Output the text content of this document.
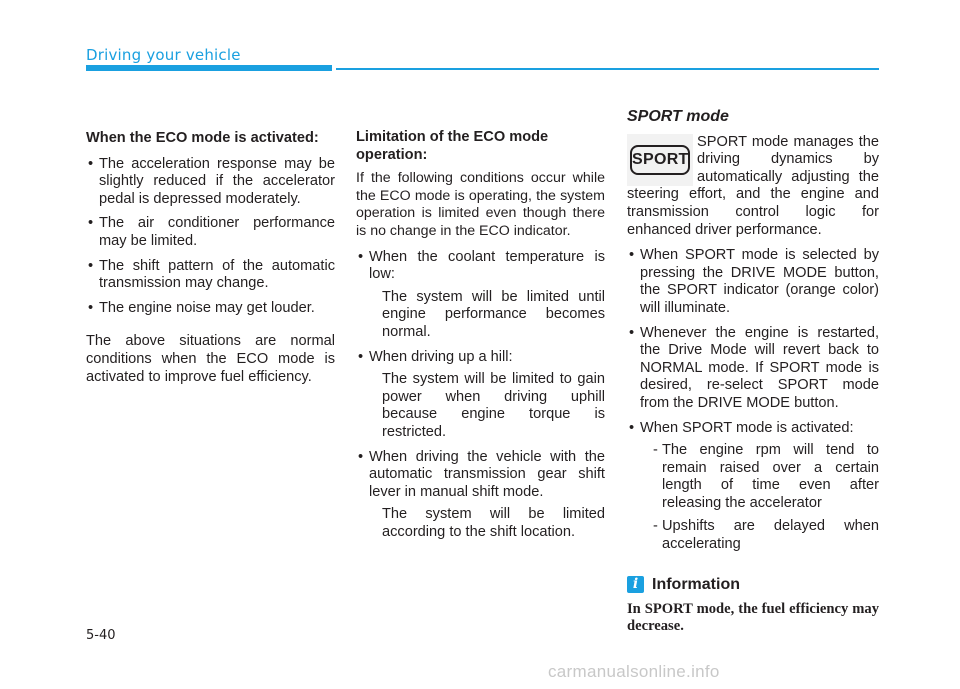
Driving your vehicle

When the ECO mode is activated:

• The acceleration response may be slightly reduced if the accelerator pedal is depressed moderately.
• The air conditioner performance may be limited.
• The shift pattern of the automatic transmission may change.
• The engine noise may get louder.

The above situations are normal conditions when the ECO mode is activated to improve fuel efficiency.

Limitation of the ECO mode operation:

If the following conditions occur while the ECO mode is operating, the system operation is limited even though there is no change in the ECO indicator.

• When the coolant temperature is low:

The system will be limited until engine performance becomes normal.

• When driving up a hill:

The system will be limited to gain power when driving uphill because engine torque is restricted.

• When driving the vehicle with the automatic transmission gear shift lever in manual shift mode.

The system will be limited according to the shift location.

SPORT mode

SPORT
SPORT mode manages the driving dynamics by automatically adjusting the steering effort, and the engine and transmission control logic for enhanced driver performance.
• When SPORT mode is selected by pressing the DRIVE MODE button, the SPORT indicator (orange color) will illuminate.
• Whenever the engine is restarted, the Drive Mode will revert back to NORMAL mode. If SPORT mode is desired, re-select SPORT mode from the DRIVE MODE button.
• When SPORT mode is activated:
- The engine rpm will tend to remain raised over a certain length of time even after releasing the accelerator
- Upshifts are delayed when accelerating
i Information

In SPORT mode, the fuel efficiency may decrease.

5-40
carmanualsonline.info
